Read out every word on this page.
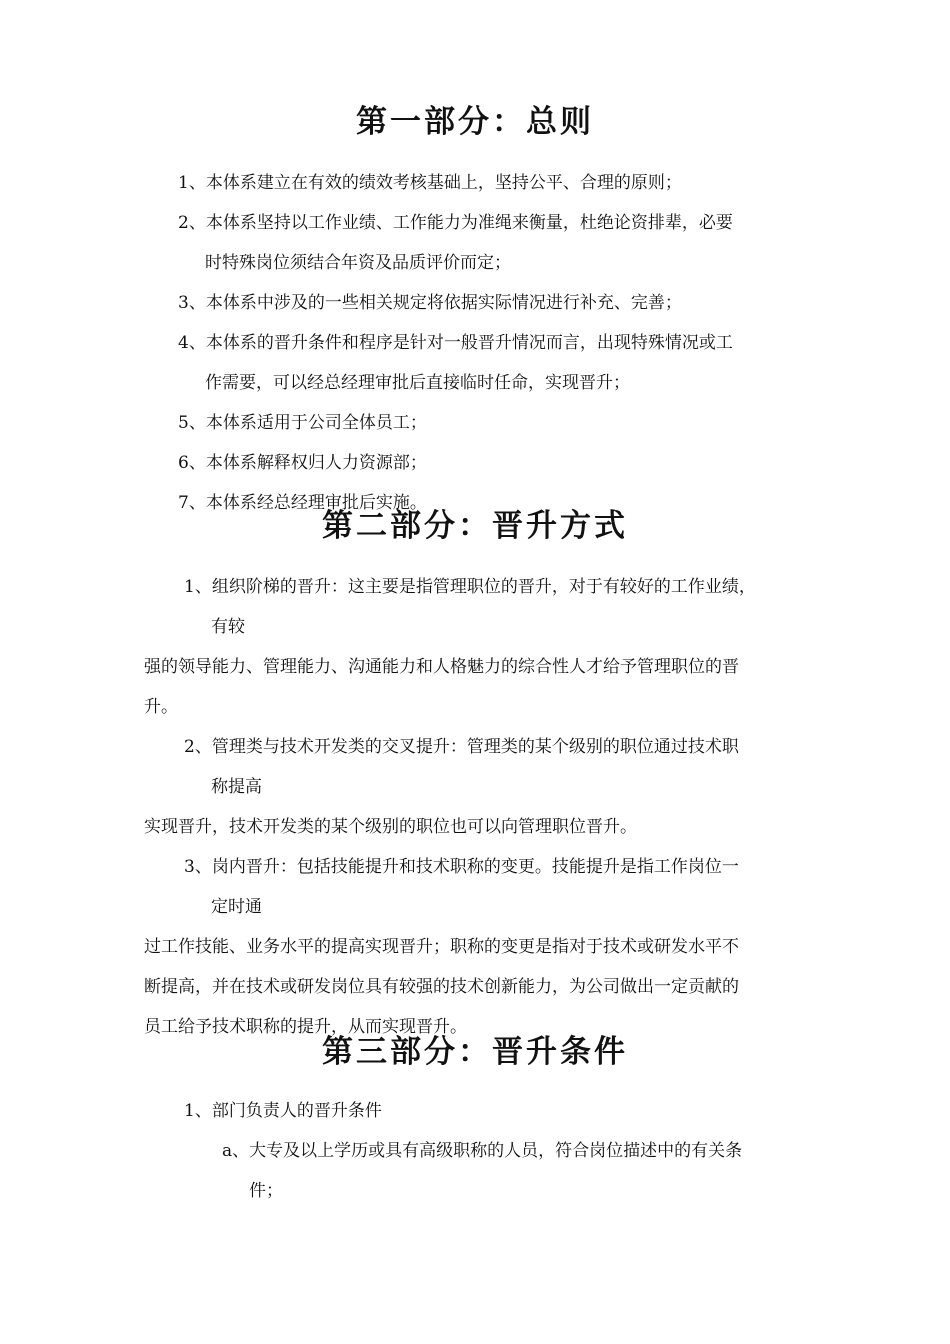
第一部分：总则
1、本体系建立在有效的绩效考核基础上，坚持公平、合理的原则；
2、本体系坚持以工作业绩、工作能力为准绳来衡量，杜绝论资排辈，必要
时特殊岗位须结合年资及品质评价而定；
3、本体系中涉及的一些相关规定将依据实际情况进行补充、完善；
4、本体系的晋升条件和程序是针对一般晋升情况而言，出现特殊情况或工
作需要，可以经总经理审批后直接临时任命，实现晋升；
5、本体系适用于公司全体员工；
6、本体系解释权归人力资源部；
7、本体系经总经理审批后实施。
第二部分：晋升方式
1、组织阶梯的晋升：这主要是指管理职位的晋升，对于有较好的工作业绩，
有较
强的领导能力、管理能力、沟通能力和人格魅力的综合性人才给予管理职位的晋
升。
2、管理类与技术开发类的交叉提升：管理类的某个级别的职位通过技术职
称提高
实现晋升，技术开发类的某个级别的职位也可以向管理职位晋升。
3、岗内晋升：包括技能提升和技术职称的变更。技能提升是指工作岗位一
定时通
过工作技能、业务水平的提高实现晋升；职称的变更是指对于技术或研发水平不
断提高，并在技术或研发岗位具有较强的技术创新能力，为公司做出一定贡献的
员工给予技术职称的提升，从而实现晋升。
第三部分：晋升条件
1、部门负责人的晋升条件
a、大专及以上学历或具有高级职称的人员，符合岗位描述中的有关条
件；
